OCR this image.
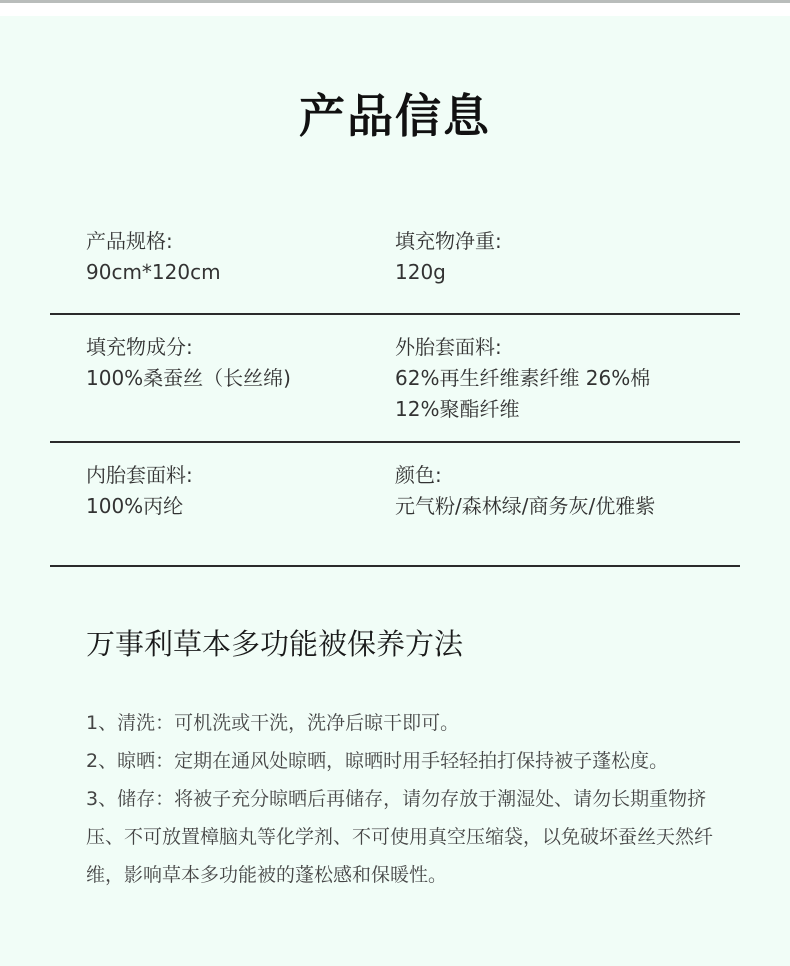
产品信息
产品规格:
90cm*120cm
填充物净重:
120g
填充物成分:
100%桑蚕丝（长丝绵)
外胎套面料:
62%再生纤维素纤维 26%棉
12%聚酯纤维
内胎套面料:
100%丙纶
颜色:
元气粉/森林绿/商务灰/优雅紫
万事利草本多功能被保养方法
1、清洗：可机洗或干洗，洗净后晾干即可。
2、晾晒：定期在通风处晾晒，晾晒时用手轻轻拍打保持被子蓬松度。
3、储存：将被子充分晾晒后再储存，请勿存放于潮湿处、请勿长期重物挤压、不可放置樟脑丸等化学剂、不可使用真空压缩袋，以免破坏蚕丝天然纤维，影响草本多功能被的蓬松感和保暖性。
